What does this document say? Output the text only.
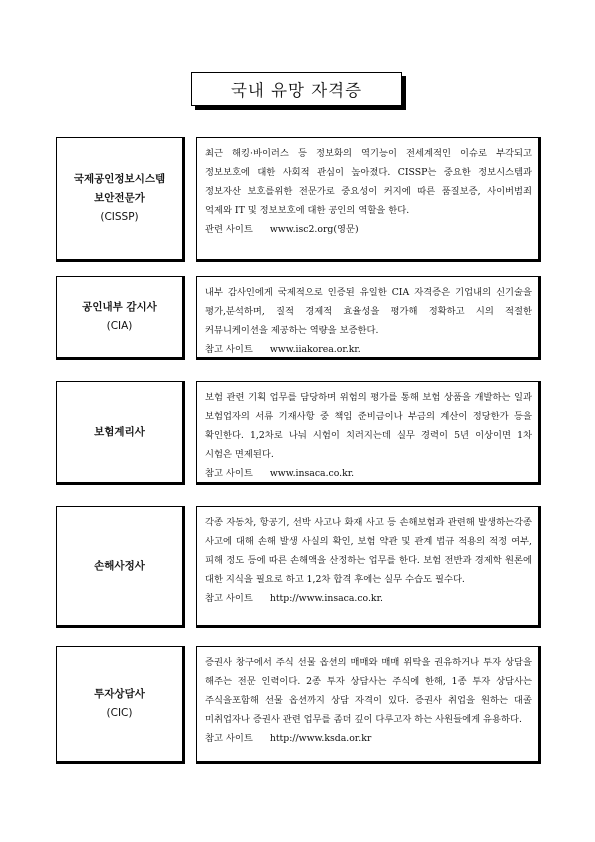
국내 유망 자격증
국제공인정보시스템
보안전문가
(CISSP)
최근 해킹·바이러스 등 정보화의 역기능이 전세계적인 이슈로 부각되고 정보보호에 대한 사회적 관심이 높아졌다. CISSP는 중요한 정보시스템과 정보자산 보호를위한 전문가로 중요성이 커지에 따른 품질보증, 사이버범죄 억제와 IT 및 정보보호에 대한 공인의 역할을 한다.
관련 사이트 www.isc2.org(영문)
공인내부 감시사
(CIA)
내부 감사인에게 국제적으로 인증된 유일한 CIA 자격증은 기업내의 신기술을 평가,분석하며, 질적 경제적 효율성을 평가해 정확하고 시의 적절한 커뮤니케이션을 제공하는 역량을 보증한다.
참고 사이트 www.iiakorea.or.kr.
보험계리사
보험 관련 기획 업무를 담당하며 위험의 평가를 통해 보험 상품을 개발하는 일과 보험업자의 서류 기재사항 중 책임 준비금이나 부금의 계산이 정당한가 등을 확인한다. 1,2차로 나눠 시험이 치러지는데 실무 경력이 5년 이상이면 1차 시험은 면제된다.
참고 사이트 www.insaca.co.kr.
손해사정사
각종 자동차, 항공기, 선박 사고나 화재 사고 등 손해보험과 관련해 발생하는각종 사고에 대해 손해 발생 사실의 확인, 보험 약관 및 관계 법규 적용의 적정 여부, 피해 정도 등에 따른 손해액을 산정하는 업무를 한다. 보험 전반과 경제학 원론에 대한 지식을 필요로 하고 1,2차 합격 후에는 실무 수습도 필수다.
참고 사이트 http://www.insaca.co.kr.
투자상담사
(CIC)
증권사 창구에서 주식 선물 옵션의 매매와 매매 위탁을 권유하거나 투자 상담을 해주는 전문 인력이다. 2종 투자 상담사는 주식에 한해, 1종 투자 상담사는 주식을포함해 선물 옵션까지 상담 자격이 있다. 증권사 취업을 원하는 대졸 미취업자나 증권사 관련 업무를 좀더 깊이 다루고자 하는 사원들에게 유용하다.
참고 사이트 http://www.ksda.or.kr
